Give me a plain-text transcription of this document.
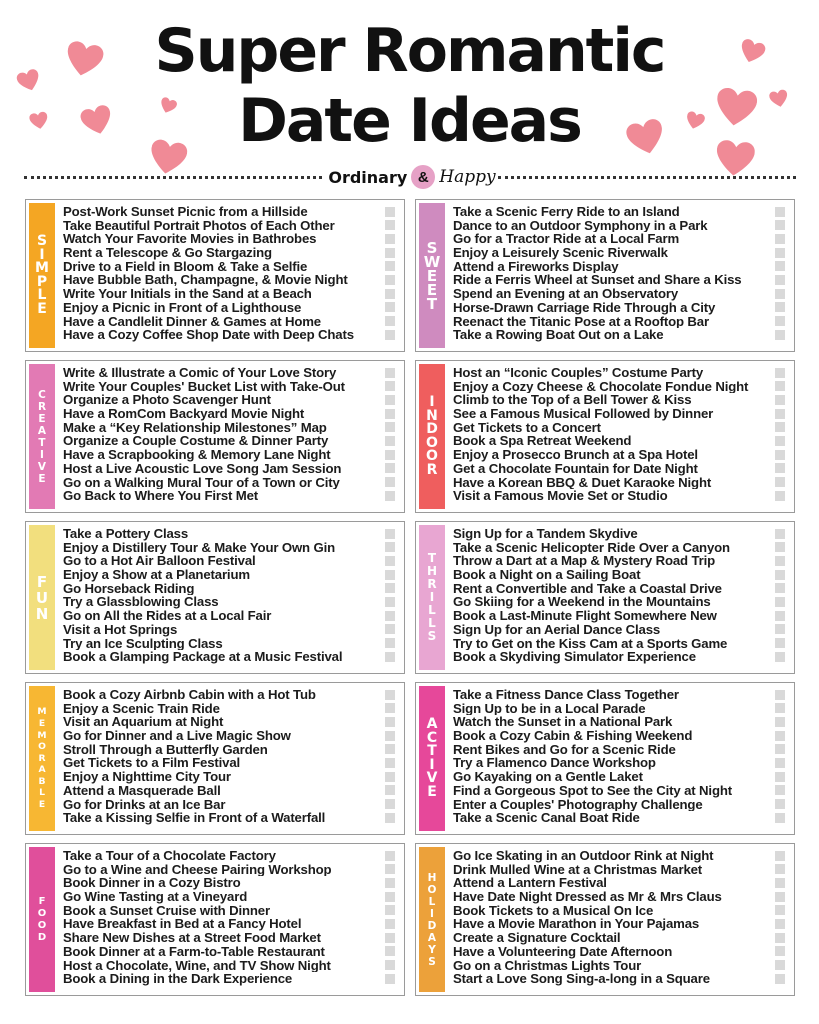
Super Romantic
Date Ideas
Ordinary & Happy
S
I
M
P
L
E
Post-Work Sunset Picnic from a Hillside
Take Beautiful Portrait Photos of Each Other
Watch Your Favorite Movies in Bathrobes
Rent a Telescope & Go Stargazing
Drive to a Field in Bloom & Take a Selfie
Have Bubble Bath, Champagne, & Movie Night
Write Your Initials in the Sand at a Beach
Enjoy a Picnic in Front of a Lighthouse
Have a Candlelit Dinner & Games at Home
Have a Cozy Coffee Shop Date with Deep Chats
S
W
E
E
T
Take a Scenic Ferry Ride to an Island
Dance to an Outdoor Symphony in a Park
Go for a Tractor Ride at a Local Farm
Enjoy a Leisurely Scenic Riverwalk
Attend a Fireworks Display
Ride a Ferris Wheel at Sunset and Share a Kiss
Spend an Evening at an Observatory
Horse-Drawn Carriage Ride Through a City
Reenact the Titanic Pose at a Rooftop Bar
Take a Rowing Boat Out on a Lake
C
R
E
A
T
I
V
E
Write & Illustrate a Comic of Your Love Story
Write Your Couples' Bucket List with Take-Out
Organize a Photo Scavenger Hunt
Have a RomCom Backyard Movie Night
Make a “Key Relationship Milestones” Map
Organize a Couple Costume & Dinner Party
Have a Scrapbooking & Memory Lane Night
Host a Live Acoustic Love Song Jam Session
Go on a Walking Mural Tour of a Town or City
Go Back to Where You First Met
I
N
D
O
O
R
Host an “Iconic Couples” Costume Party
Enjoy a Cozy Cheese & Chocolate Fondue Night
Climb to the Top of a Bell Tower & Kiss
See a Famous Musical Followed by Dinner
Get Tickets to a Concert
Book a Spa Retreat Weekend
Enjoy a Prosecco Brunch at a Spa Hotel
Get a Chocolate Fountain for Date Night
Have a Korean BBQ & Duet Karaoke Night
Visit a Famous Movie Set or Studio
F
U
N
Take a Pottery Class
Enjoy a Distillery Tour & Make Your Own Gin
Go to a Hot Air Balloon Festival
Enjoy a Show at a Planetarium
Go Horseback Riding
Try a Glassblowing Class
Go on All the Rides at a Local Fair
Visit a Hot Springs
Try an Ice Sculpting Class
Book a Glamping Package at a Music Festival
T
H
R
I
L
L
S
Sign Up for a Tandem Skydive
Take a Scenic Helicopter Ride Over a Canyon
Throw a Dart at a Map & Mystery Road Trip
Book a Night on a Sailing Boat
Rent a Convertible and Take a Coastal Drive
Go Skiing for a Weekend in the Mountains
Book a Last-Minute Flight Somewhere New
Sign Up for an Aerial Dance Class
Try to Get on the Kiss Cam at a Sports Game
Book a Skydiving Simulator Experience
M
E
M
O
R
A
B
L
E
Book a Cozy Airbnb Cabin with a Hot Tub
Enjoy a Scenic Train Ride
Visit an Aquarium at Night
Go for Dinner and a Live Magic Show
Stroll Through a Butterfly Garden
Get Tickets to a Film Festival
Enjoy a Nighttime City Tour
Attend a Masquerade Ball
Go for Drinks at an Ice Bar
Take a Kissing Selfie in Front of a Waterfall
A
C
T
I
V
E
Take a Fitness Dance Class Together
Sign Up to be in a Local Parade
Watch the Sunset in a National Park
Book a Cozy Cabin & Fishing Weekend
Rent Bikes and Go for a Scenic Ride
Try a Flamenco Dance Workshop
Go Kayaking on a Gentle Laket
Find a Gorgeous Spot to See the City at Night
Enter a Couples' Photography Challenge
Take a Scenic Canal Boat Ride
F
O
O
D
Take a Tour of a Chocolate Factory
Go to a Wine and Cheese Pairing Workshop
Book Dinner in a Cozy Bistro
Go Wine Tasting at a Vineyard
Book a Sunset Cruise with Dinner
Have Breakfast in Bed at a Fancy Hotel
Share New Dishes at a Street Food Market
Book Dinner at a Farm-to-Table Restaurant
Host a Chocolate, Wine, and TV Show Night
Book a Dining in the Dark Experience
H
O
L
I
D
A
Y
S
Go Ice Skating in an Outdoor Rink at Night
Drink Mulled Wine at a Christmas Market
Attend a Lantern Festival
Have Date Night Dressed as Mr & Mrs Claus
Book Tickets to a Musical On Ice
Have a Movie Marathon in Your Pajamas
Create a Signature Cocktail
Have a Volunteering Date Afternoon
Go on a Christmas Lights Tour
Start a Love Song Sing-a-long in a Square
